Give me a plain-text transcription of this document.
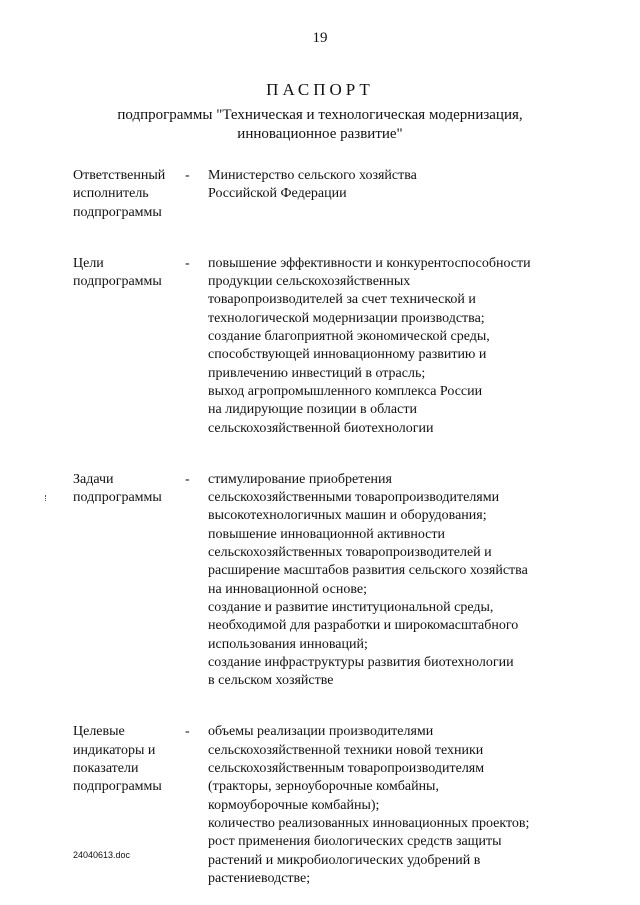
19
ПАСПОРТ
подпрограммы "Техническая и технологическая модернизация,
инновационное развитие"
Ответственный
исполнитель
подпрограммы
-	Министерство сельского хозяйства
Российской Федерации
Цели
подпрограммы
-	повышение эффективности и конкурентоспособности
продукции сельскохозяйственных
товаропроизводителей за счет технической и
технологической модернизации производства;
создание благоприятной экономической среды,
способствующей инновационному развитию и
привлечению инвестиций в отрасль;
выход агропромышленного комплекса России
на лидирующие позиции в области
сельскохозяйственной биотехнологии
Задачи
подпрограммы
-	стимулирование приобретения
сельскохозяйственными товаропроизводителями
высокотехнологичных машин и оборудования;
повышение инновационной активности
сельскохозяйственных товаропроизводителей и
расширение масштабов развития сельского хозяйства
на инновационной основе;
создание и развитие институциональной среды,
необходимой для разработки и широкомасштабного
использования инноваций;
создание инфраструктуры развития биотехнологии
в сельском хозяйстве
Целевые
индикаторы и
показатели
подпрограммы
-	объемы реализации производителями
сельскохозяйственной техники новой техники
сельскохозяйственным товаропроизводителям
(тракторы, зерноуборочные комбайны,
кормоуборочные комбайны);
количество реализованных инновационных проектов;
рост применения биологических средств защиты
растений и микробиологических удобрений в
растениеводстве;
24040613.doc
